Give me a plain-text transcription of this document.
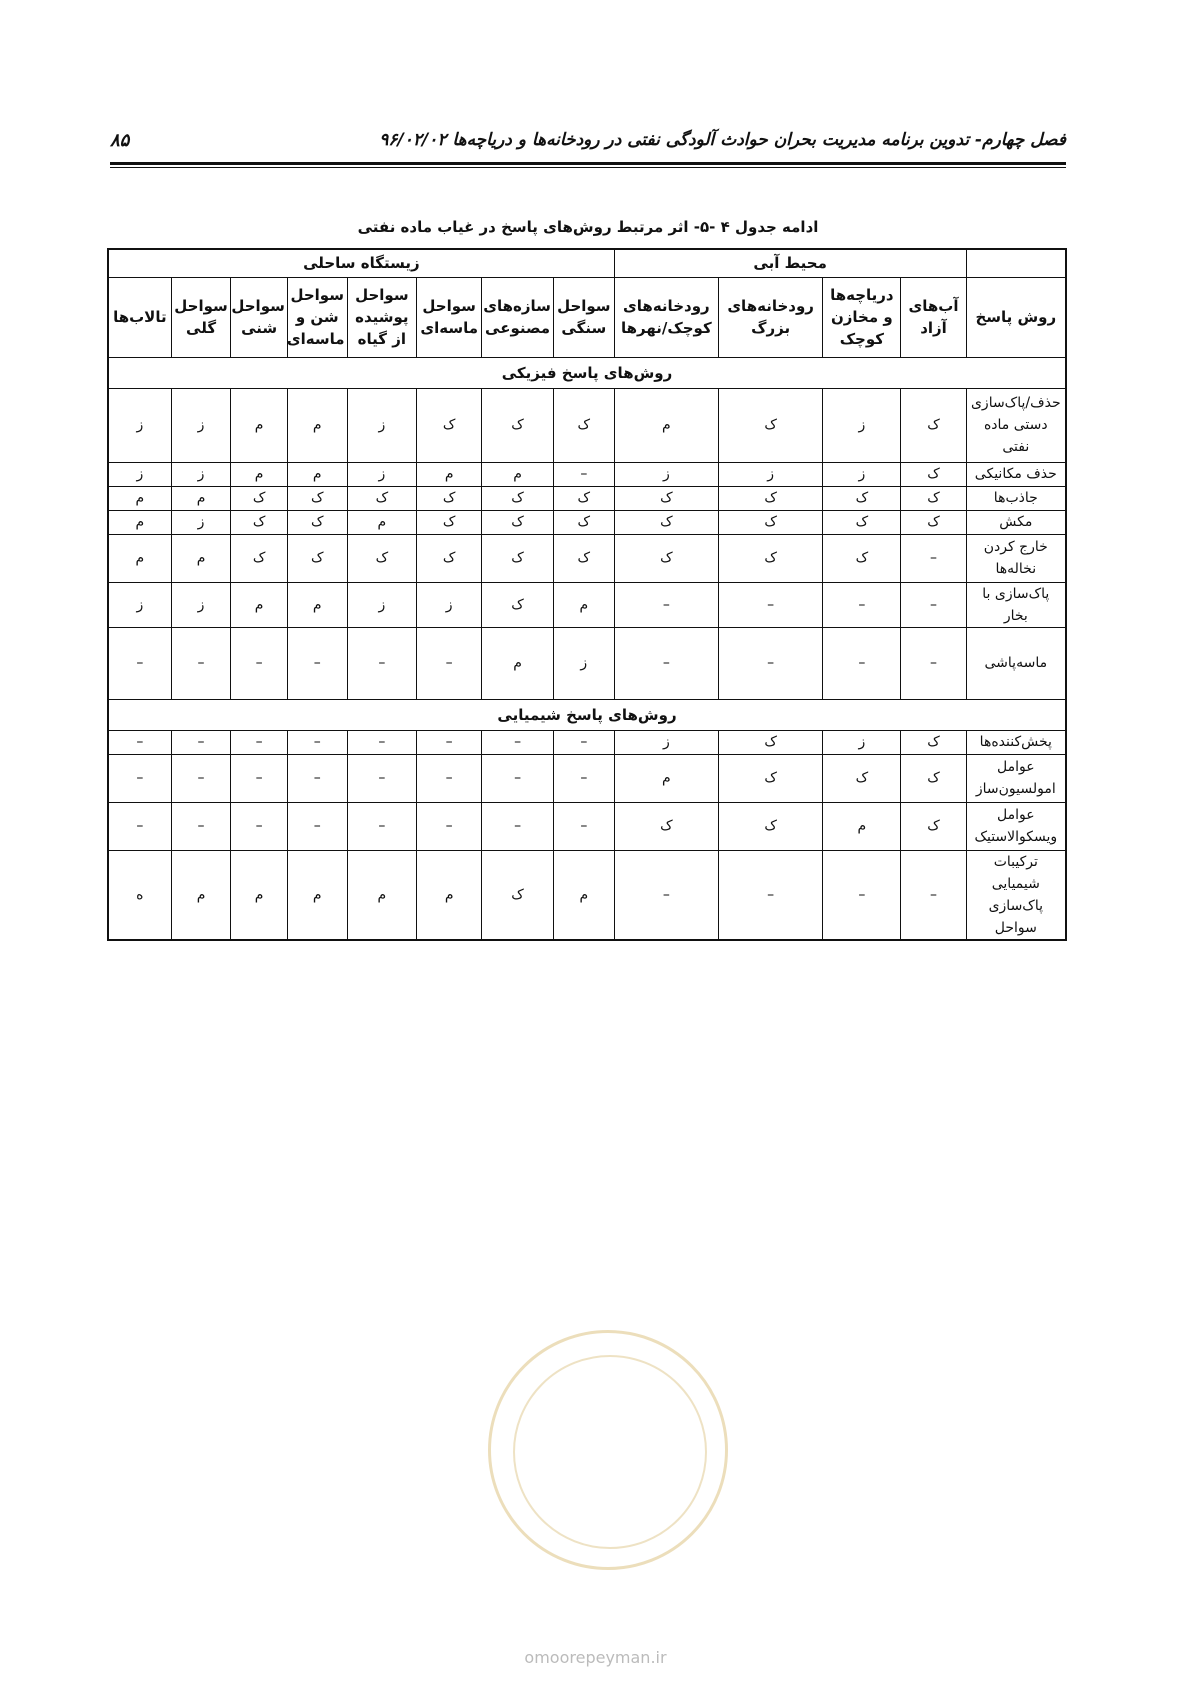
فصل چهارم- تدوین برنامه مدیریت بحران حوادث آلودگی نفتی در رودخانه‌ها و دریاچه‌ها ۹۶/۰۲/۰۲
۸۵
ادامه جدول ۴ -۵- اثر مرتبط روش‌های پاسخ در غیاب ماده نفتی
	محیط آبی				زیستگاه ساحلی							
روش پاسخ	آب‌های آزاد	دریاچه‌ها و مخازن کوچک	رودخانه‌های بزرگ	رودخانه‌های کوچک/نهرها	سواحل سنگی	سازه‌های مصنوعی	سواحل ماسه‌ای	سواحل پوشیده از گیاه	سواحل شن و ماسه‌ای	سواحل شنی	سواحل گلی	تالاب‌ها
روش‌های پاسخ فیزیکی												
حذف/پاک‌سازی دستی ماده نفتی	ک	ز	ک	م	ک	ک	ک	ز	م	م	ز	ز
حذف مکانیکی	ک	ز	ز	ز	–	م	م	ز	م	م	ز	ز
جاذب‌ها	ک	ک	ک	ک	ک	ک	ک	ک	ک	ک	م	م
مکش	ک	ک	ک	ک	ک	ک	ک	م	ک	ک	ز	م
خارج کردن نخاله‌ها	–	ک	ک	ک	ک	ک	ک	ک	ک	ک	م	م
پاک‌سازی با بخار	–	–	–	–	م	ک	ز	ز	م	م	ز	ز
ماسه‌پاشی	–	–	–	–	ز	م	–	–	–	–	–	–
روش‌های پاسخ شیمیایی												
پخش‌کننده‌ها	ک	ز	ک	ز	–	–	–	–	–	–	–	–
عوامل امولسیون‌ساز	ک	ک	ک	م	–	–	–	–	–	–	–	–
عوامل ویسکوالاستیک	ک	م	ک	ک	–	–	–	–	–	–	–	–
ترکیبات شیمیایی پاک‌سازی سواحل	–	–	–	–	م	ک	م	م	م	م	م	ه
omoorepeyman.ir
